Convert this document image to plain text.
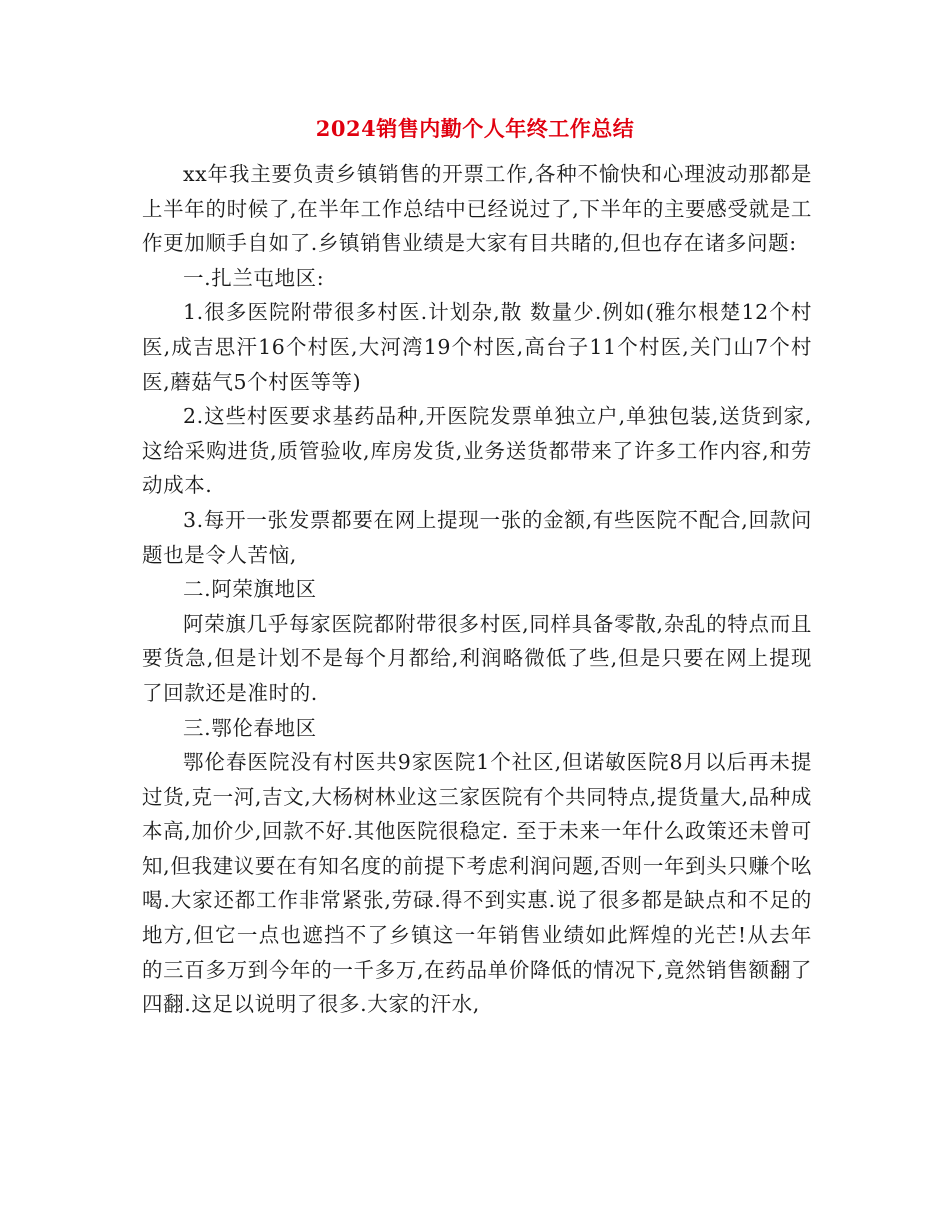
2024销售内勤个人年终工作总结

xx年我主要负责乡镇销售的开票工作,各种不愉快和心理波动那都是上半年的时候了,在半年工作总结中已经说过了,下半年的主要感受就是工作更加顺手自如了.乡镇销售业绩是大家有目共睹的,但也存在诸多问题:

一.扎兰屯地区:

1.很多医院附带很多村医.计划杂,散 数量少.例如(雅尔根楚12个村医,成吉思汗16个村医,大河湾19个村医,高台子11个村医,关门山7个村医,蘑菇气5个村医等等)

2.这些村医要求基药品种,开医院发票单独立户,单独包装,送货到家,这给采购进货,质管验收,库房发货,业务送货都带来了许多工作内容,和劳动成本.

3.每开一张发票都要在网上提现一张的金额,有些医院不配合,回款问题也是令人苦恼,

二.阿荣旗地区

阿荣旗几乎每家医院都附带很多村医,同样具备零散,杂乱的特点而且要货急,但是计划不是每个月都给,利润略微低了些,但是只要在网上提现了回款还是准时的.

三.鄂伦春地区

鄂伦春医院没有村医共9家医院1个社区,但诺敏医院8月以后再未提过货,克一河,吉文,大杨树林业这三家医院有个共同特点,提货量大,品种成本高,加价少,回款不好.其他医院很稳定. 至于未来一年什么政策还未曾可知,但我建议要在有知名度的前提下考虑利润问题,否则一年到头只赚个吆喝.大家还都工作非常紧张,劳碌.得不到实惠.说了很多都是缺点和不足的地方,但它一点也遮挡不了乡镇这一年销售业绩如此辉煌的光芒!从去年的三百多万到今年的一千多万,在药品单价降低的情况下,竟然销售额翻了四翻.这足以说明了很多.大家的汗水,
